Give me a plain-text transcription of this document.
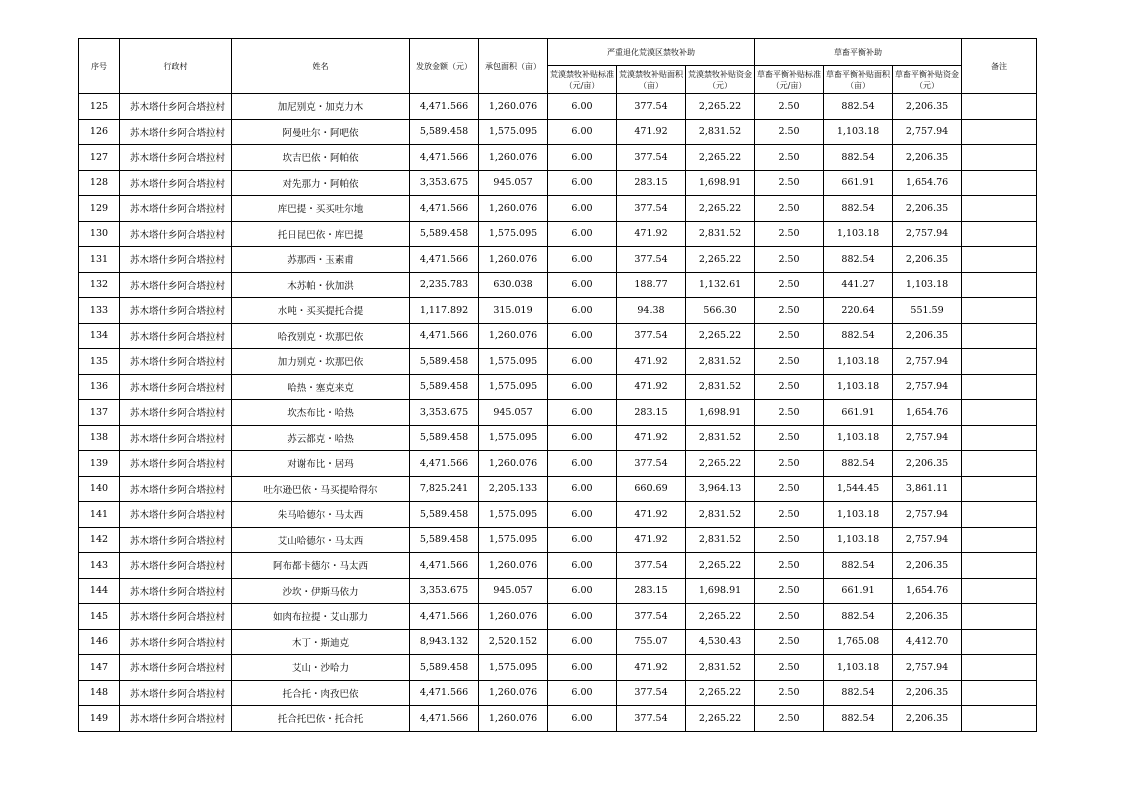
序号	行政村	姓名	发放金额（元）	承包面积（亩）	严重退化荒漠区禁牧补助			草畜平衡补助			备注
					荒漠禁牧补贴标准（元/亩）	荒漠禁牧补贴面积（亩）	荒漠禁牧补贴资金（元）	草畜平衡补贴标准（元/亩）	草畜平衡补贴面积（亩）	草畜平衡补贴资金（元）	
125	苏木塔什乡阿合塔拉村	加尼别克・加克力木	4,471.566	1,260.076	6.00	377.54	2,265.22	2.50	882.54	2,206.35	
126	苏木塔什乡阿合塔拉村	阿曼吐尔・阿吧依	5,589.458	1,575.095	6.00	471.92	2,831.52	2.50	1,103.18	2,757.94	
127	苏木塔什乡阿合塔拉村	坎吉巴依・阿帕依	4,471.566	1,260.076	6.00	377.54	2,265.22	2.50	882.54	2,206.35	
128	苏木塔什乡阿合塔拉村	对先那力・阿帕依	3,353.675	945.057	6.00	283.15	1,698.91	2.50	661.91	1,654.76	
129	苏木塔什乡阿合塔拉村	库巴提・买买吐尔地	4,471.566	1,260.076	6.00	377.54	2,265.22	2.50	882.54	2,206.35	
130	苏木塔什乡阿合塔拉村	托日昆巴依・库巴提	5,589.458	1,575.095	6.00	471.92	2,831.52	2.50	1,103.18	2,757.94	
131	苏木塔什乡阿合塔拉村	苏那西・玉素甫	4,471.566	1,260.076	6.00	377.54	2,265.22	2.50	882.54	2,206.35	
132	苏木塔什乡阿合塔拉村	木苏帕・伙加洪	2,235.783	630.038	6.00	188.77	1,132.61	2.50	441.27	1,103.18	
133	苏木塔什乡阿合塔拉村	水吨・买买提托合提	1,117.892	315.019	6.00	94.38	566.30	2.50	220.64	551.59	
134	苏木塔什乡阿合塔拉村	哈孜别克・坎那巴依	4,471.566	1,260.076	6.00	377.54	2,265.22	2.50	882.54	2,206.35	
135	苏木塔什乡阿合塔拉村	加力别克・坎那巴依	5,589.458	1,575.095	6.00	471.92	2,831.52	2.50	1,103.18	2,757.94	
136	苏木塔什乡阿合塔拉村	哈热・塞克来克	5,589.458	1,575.095	6.00	471.92	2,831.52	2.50	1,103.18	2,757.94	
137	苏木塔什乡阿合塔拉村	坎杰布比・哈热	3,353.675	945.057	6.00	283.15	1,698.91	2.50	661.91	1,654.76	
138	苏木塔什乡阿合塔拉村	苏云都克・哈热	5,589.458	1,575.095	6.00	471.92	2,831.52	2.50	1,103.18	2,757.94	
139	苏木塔什乡阿合塔拉村	对谢布比・居玛	4,471.566	1,260.076	6.00	377.54	2,265.22	2.50	882.54	2,206.35	
140	苏木塔什乡阿合塔拉村	吐尔逊巴依・马买提哈得尔	7,825.241	2,205.133	6.00	660.69	3,964.13	2.50	1,544.45	3,861.11	
141	苏木塔什乡阿合塔拉村	朱马哈德尔・马太西	5,589.458	1,575.095	6.00	471.92	2,831.52	2.50	1,103.18	2,757.94	
142	苏木塔什乡阿合塔拉村	艾山哈德尔・马太西	5,589.458	1,575.095	6.00	471.92	2,831.52	2.50	1,103.18	2,757.94	
143	苏木塔什乡阿合塔拉村	阿布都卡德尔・马太西	4,471.566	1,260.076	6.00	377.54	2,265.22	2.50	882.54	2,206.35	
144	苏木塔什乡阿合塔拉村	沙坎・伊斯马依力	3,353.675	945.057	6.00	283.15	1,698.91	2.50	661.91	1,654.76	
145	苏木塔什乡阿合塔拉村	如肉布拉提・艾山那力	4,471.566	1,260.076	6.00	377.54	2,265.22	2.50	882.54	2,206.35	
146	苏木塔什乡阿合塔拉村	木丁・斯迪克	8,943.132	2,520.152	6.00	755.07	4,530.43	2.50	1,765.08	4,412.70	
147	苏木塔什乡阿合塔拉村	艾山・沙哈力	5,589.458	1,575.095	6.00	471.92	2,831.52	2.50	1,103.18	2,757.94	
148	苏木塔什乡阿合塔拉村	托合托・肉孜巴依	4,471.566	1,260.076	6.00	377.54	2,265.22	2.50	882.54	2,206.35	
149	苏木塔什乡阿合塔拉村	托合托巴依・托合托	4,471.566	1,260.076	6.00	377.54	2,265.22	2.50	882.54	2,206.35	
